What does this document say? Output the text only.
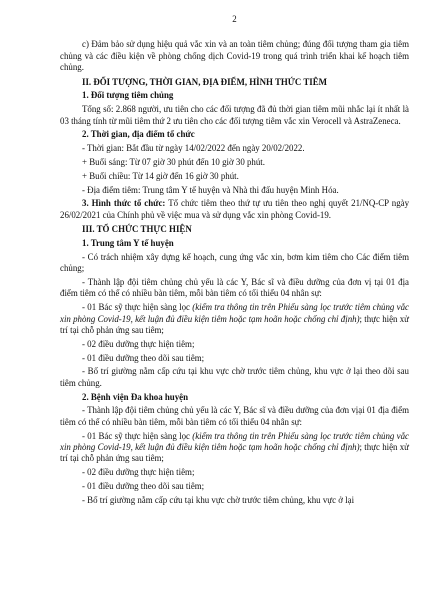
2

c) Đảm bảo sử dụng hiệu quả vắc xin và an toàn tiêm chủng; đúng đối tượng tham gia tiêm chủng và các điều kiện về phòng chống dịch Covid-19 trong quá trình triển khai kế hoạch tiêm chủng.

II. ĐỐI TƯỢNG, THỜI GIAN, ĐỊA ĐIỂM, HÌNH THỨC TIÊM

1. Đối tượng tiêm chủng

Tổng số: 2.868 người, ưu tiên cho các đối tượng đã đủ thời gian tiêm mũi nhắc lại ít nhất là 03 tháng tính từ mũi tiêm thứ 2 ưu tiên cho các đối tượng tiêm vắc xin Verocell và AstraZeneca.

2. Thời gian, địa điểm tổ chức

- Thời gian: Bắt đầu từ ngày 14/02/2022 đến ngày 20/02/2022.

+ Buổi sáng: Từ 07 giờ 30 phút đến 10 giờ 30 phút.

+ Buổi chiều: Từ 14 giờ đến 16 giờ 30 phút.

- Địa điểm tiêm: Trung tâm Y tế huyện và Nhà thi đấu huyện Minh Hóa.

3. Hình thức tổ chức: Tổ chức tiêm theo thứ tự ưu tiên theo nghị quyết 21/NQ-CP ngày 26/02/2021 của Chính phủ về việc mua và sử dụng vắc xin phòng Covid-19.

III. TỔ CHỨC THỰC HIỆN

1. Trung tâm Y tế huyện

- Có trách nhiệm xây dựng kế hoạch, cung ứng vắc xin, bơm kim tiêm cho Các điểm tiêm chủng;

- Thành lập đội tiêm chủng chủ yếu là các Y, Bác sĩ và điều dưỡng của đơn vị tại 01 địa điểm tiêm có thể có nhiều bàn tiêm, mỗi bàn tiêm có tối thiểu 04 nhân sự:

- 01 Bác sỹ thực hiện sàng lọc (kiểm tra thông tin trên Phiếu sàng lọc trước tiêm chủng vắc xin phòng Covid-19, kết luận đủ điều kiện tiêm hoặc tạm hoãn hoặc chống chỉ định); thực hiện xử trí tại chỗ phản ứng sau tiêm;

- 02 điều dưỡng thực hiện tiêm;

- 01 điều dưỡng theo dõi sau tiêm;

- Bố trí giường nằm cấp cứu tại khu vực chờ trước tiêm chủng, khu vực ở lại theo dõi sau tiêm chủng.

2. Bệnh viện Đa khoa huyện

- Thành lập đội tiêm chủng chủ yếu là các Y, Bác sĩ và điều dưỡng của đơn vịại 01 địa điểm tiêm có thể có nhiều bàn tiêm, mỗi bàn tiêm có tối thiểu 04 nhân sự:

- 01 Bác sỹ thực hiện sàng lọc (kiểm tra thông tin trên Phiếu sàng lọc trước tiêm chủng vắc xin phòng Covid-19, kết luận đủ điều kiện tiêm hoặc tạm hoãn hoặc chống chỉ định); thực hiện xử trí tại chỗ phản ứng sau tiêm;

- 02 điều dưỡng thực hiện tiêm;

- 01 điều dưỡng theo dõi sau tiêm;

- Bố trí giường nằm cấp cứu tại khu vực chờ trước tiêm chủng, khu vực ở lại
